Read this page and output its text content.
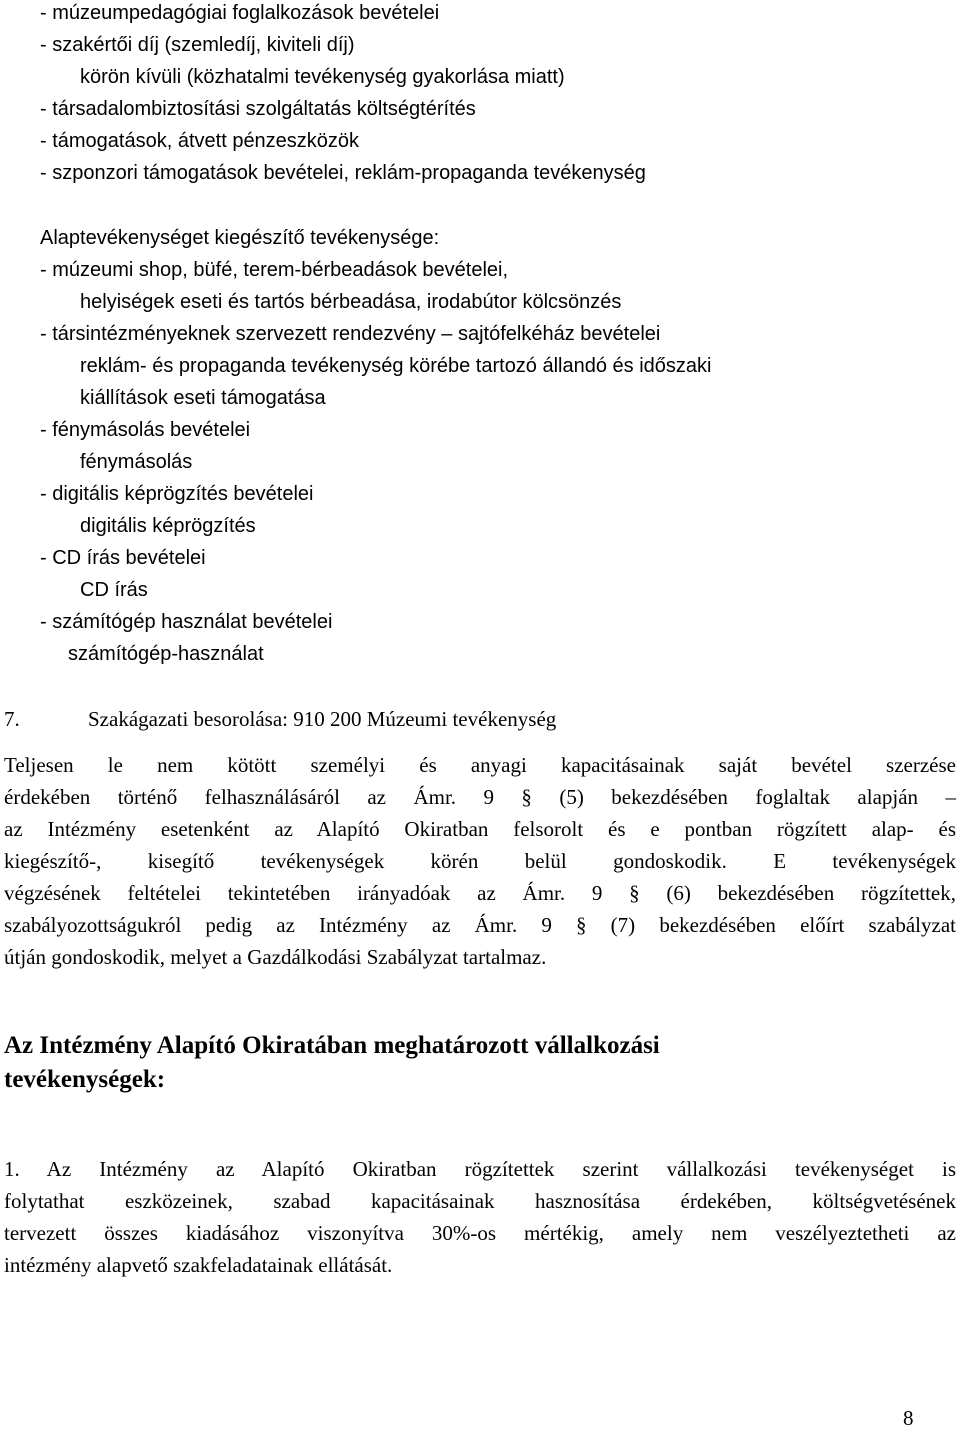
- múzeumpedagógiai foglalkozások bevételei
- szakértői díj (szemledíj, kiviteli díj)
körön kívüli (közhatalmi tevékenység gyakorlása miatt)
- társadalombiztosítási szolgáltatás költségtérítés
- támogatások, átvett pénzeszközök
- szponzori támogatások bevételei, reklám-propaganda tevékenység
Alaptevékenységet kiegészítő tevékenysége:
- múzeumi shop, büfé, terem-bérbeadások bevételei,
helyiségek eseti és tartós bérbeadása, irodabútor kölcsönzés
- társintézményeknek szervezett rendezvény – sajtófelkéház bevételei
reklám- és propaganda tevékenység körébe tartozó állandó és időszaki
kiállítások eseti támogatása
- fénymásolás bevételei
fénymásolás
- digitális képrögzítés bevételei
digitális képrögzítés
- CD írás bevételei
CD írás
- számítógép használat bevételei
számítógép-használat
7.	Szakágazati besorolása: 910 200 Múzeumi tevékenység
Teljesen le nem kötött személyi és anyagi kapacitásainak saját bevétel szerzése
érdekében történő felhasználásáról az Ámr. 9 § (5) bekezdésében foglaltak alapján –
az Intézmény esetenként az Alapító Okiratban felsorolt és e pontban rögzített alap- és
kiegészítő-, kisegítő tevékenységek körén belül gondoskodik. E tevékenységek
végzésének feltételei tekintetében irányadóak az Ámr. 9 § (6) bekezdésében rögzítettek,
szabályozottságukról pedig az Intézmény az Ámr. 9 § (7) bekezdésében előírt szabályzat
útján gondoskodik, melyet a Gazdálkodási Szabályzat tartalmaz.
Az Intézmény Alapító Okiratában meghatározott vállalkozási
tevékenységek:
1. Az Intézmény az Alapító Okiratban rögzítettek szerint vállalkozási tevékenységet is
folytathat eszközeinek, szabad kapacitásainak hasznosítása érdekében, költségvetésének
tervezett összes kiadásához viszonyítva 30%-os mértékig, amely nem veszélyeztetheti az
intézmény alapvető szakfeladatainak ellátását.
8
